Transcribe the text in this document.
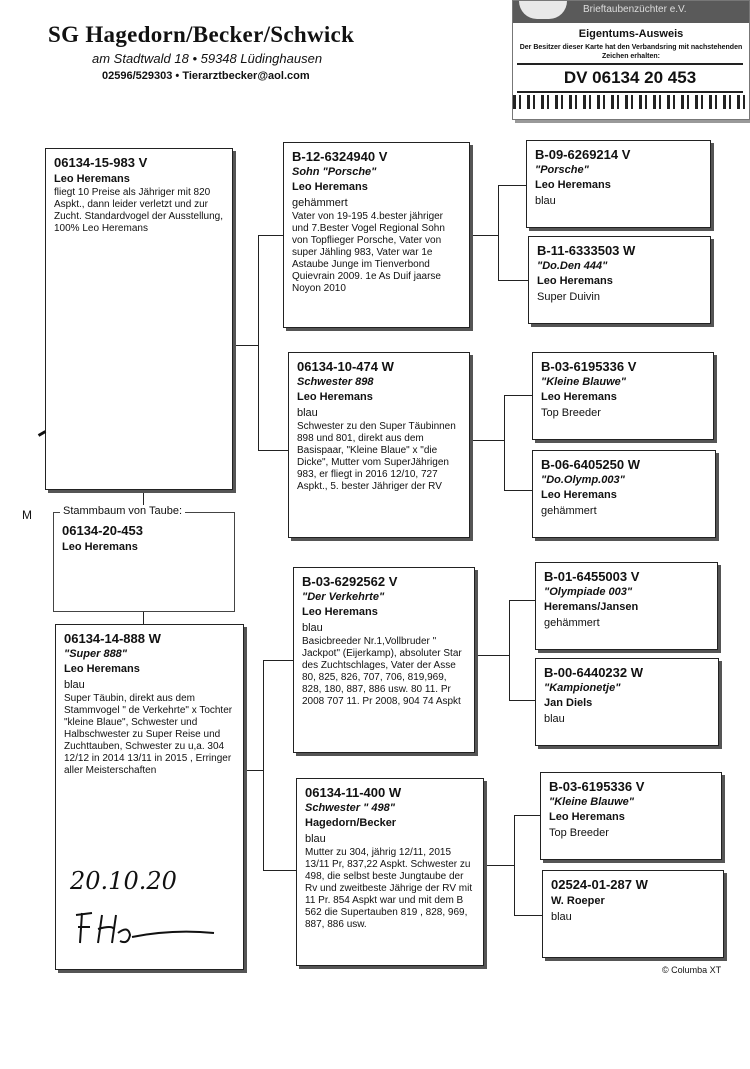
SG Hagedorn/Becker/Schwick
am Stadtwald 18 • 59348 Lüdinghausen
02596/529303 • Tierarztbecker@aol.com
Brieftaubenzüchter e.V.
Eigentums-Ausweis
Der Besitzer dieser Karte hat den Verbandsring mit nachstehenden Zeichen erhalten:
DV 06134 20 453
06134-15-983 V
Leo Heremans
fliegt 10 Preise als Jähriger mit 820 Aspkt., dann leider verletzt und zur Zucht. Standardvogel der Ausstellung, 100% Leo Heremans
06134-20-453
Leo Heremans
Stammbaum von Taube:
M
06134-14-888 W
"Super 888"
Leo Heremans
blau
Super Täubin, direkt aus dem Stammvogel " de Verkehrte" x Tochter "kleine Blaue", Schwester und Halbschwester zu Super Reise und Zuchttauben, Schwester zu u,a. 304 12/12 in 2014 13/11 in 2015 , Erringer aller Meisterschaften
20.10.20
B-12-6324940 V
Sohn "Porsche"
Leo Heremans
gehämmert
Vater von 19-195 4.bester jähriger und 7.Bester Vogel Regional Sohn von Topflieger Porsche, Vater von super Jähling 983, Vater war 1e Astaube Junge im Tienverbond Quievrain 2009. 1e As Duif jaarse Noyon 2010
06134-10-474 W
Schwester 898
Leo Heremans
blau
Schwester zu den Super Täubinnen 898 und 801, direkt aus dem Basispaar, "Kleine Blaue" x "die Dicke", Mutter vom SuperJährigen 983, er fliegt in 2016 12/10, 727 Aspkt., 5. bester Jähriger der RV
B-03-6292562 V
"Der Verkehrte"
Leo Heremans
blau
Basicbreeder Nr.1,Vollbruder " Jackpot" (Eijerkamp), absoluter Star des Zuchtschlages, Vater der Asse 80, 825, 826, 707, 706, 819,969, 828, 180, 887, 886 usw. 80 11. Pr 2008 707 11. Pr 2008, 904 74 Aspkt
06134-11-400 W
Schwester " 498"
Hagedorn/Becker
blau
Mutter zu 304, jährig 12/11, 2015 13/11 Pr, 837,22 Aspkt. Schwester zu 498, die selbst beste Jungtaube der Rv und zweitbeste Jährige der RV mit 11 Pr. 854 Aspkt war und mit dem B 562 die Supertauben 819 , 828, 969, 887, 886 usw.
B-09-6269214 V
"Porsche"
Leo Heremans
blau
B-11-6333503 W
"Do.Den 444"
Leo Heremans
Super Duivin
B-03-6195336 V
"Kleine Blauwe"
Leo Heremans
Top Breeder
B-06-6405250 W
"Do.Olymp.003"
Leo Heremans
gehämmert
B-01-6455003 V
"Olympiade 003"
Heremans/Jansen
gehämmert
B-00-6440232 W
"Kampionetje"
Jan Diels
blau
B-03-6195336 V
"Kleine Blauwe"
Leo Heremans
Top Breeder
02524-01-287 W
W. Roeper
blau
© Columba XT
